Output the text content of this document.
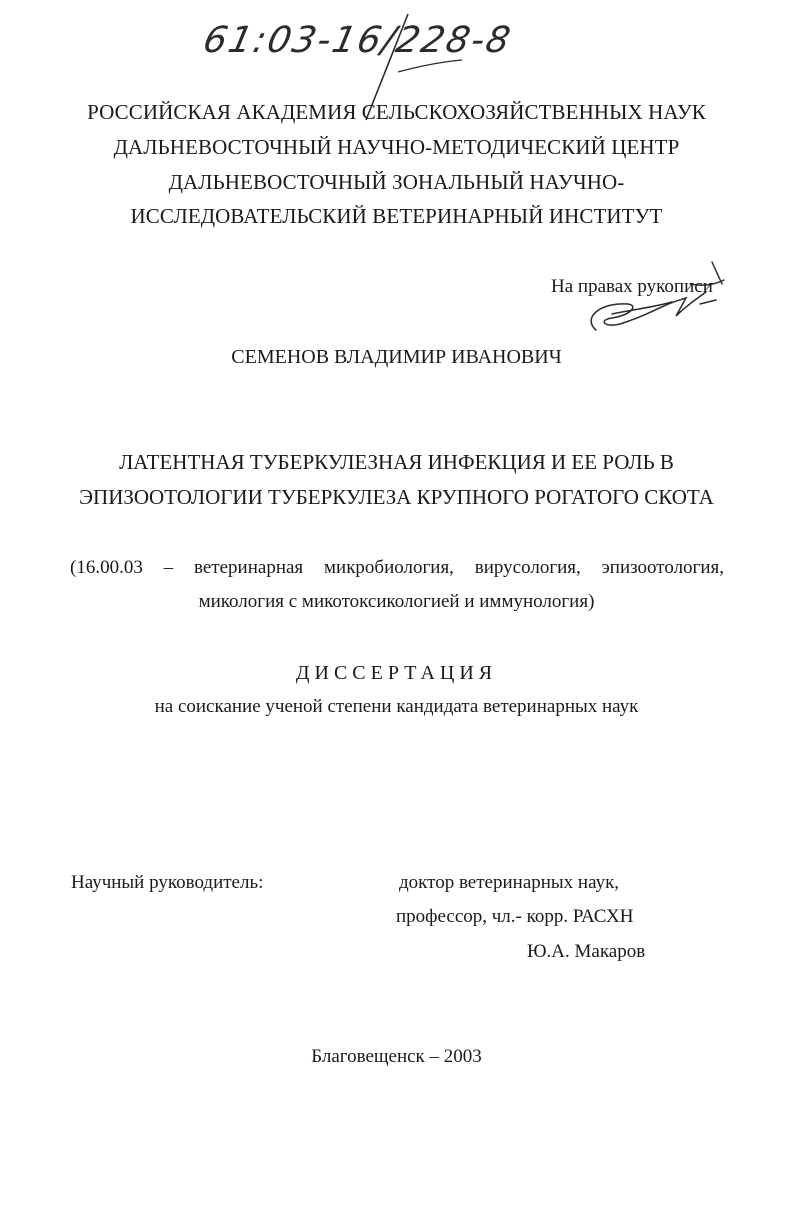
61:03-16/228-8
РОССИЙСКАЯ АКАДЕМИЯ СЕЛЬСКОХОЗЯЙСТВЕННЫХ НАУК
ДАЛЬНЕВОСТОЧНЫЙ НАУЧНО-МЕТОДИЧЕСКИЙ ЦЕНТР
ДАЛЬНЕВОСТОЧНЫЙ ЗОНАЛЬНЫЙ НАУЧНО-
ИССЛЕДОВАТЕЛЬСКИЙ ВЕТЕРИНАРНЫЙ ИНСТИТУТ
На правах рукописи
СЕМЕНОВ ВЛАДИМИР ИВАНОВИЧ
ЛАТЕНТНАЯ ТУБЕРКУЛЕЗНАЯ ИНФЕКЦИЯ И ЕЕ РОЛЬ В
ЭПИЗООТОЛОГИИ ТУБЕРКУЛЕЗА КРУПНОГО РОГАТОГО СКОТА
(16.00.03 – ветеринарная микробиология, вирусология, эпизоотология,
микология с микотоксикологией и иммунология)
ДИССЕРТАЦИЯ
на соискание ученой степени кандидата ветеринарных наук
Научный руководитель:	доктор ветеринарных наук,
профессор, чл.- корр. РАСХН
Ю.А. Макаров
Благовещенск – 2003
